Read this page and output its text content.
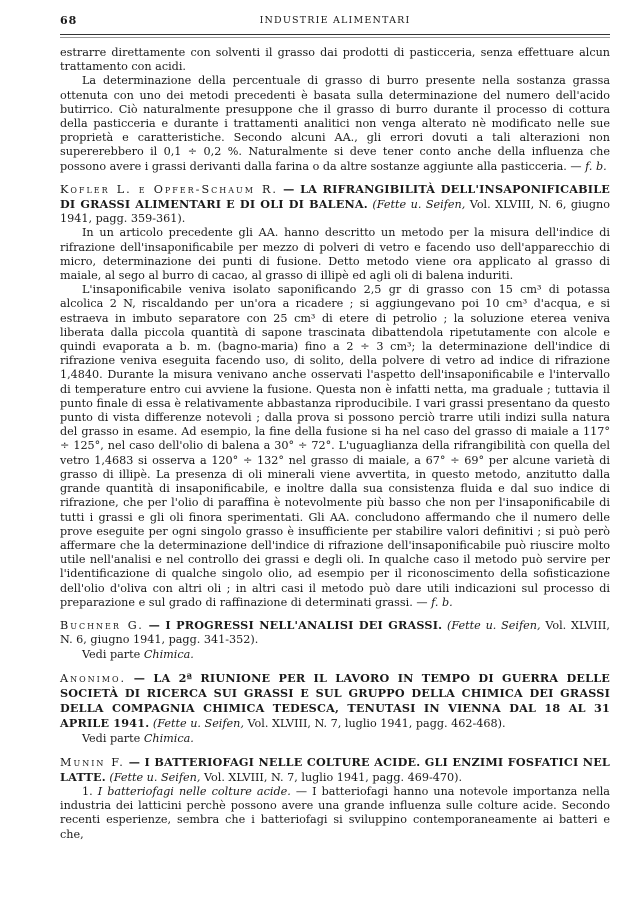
68	INDUSTRIE ALIMENTARI

estrarre direttamente con solventi il grasso dai prodotti di pasticceria, senza effettuare alcun trattamento con acidi.

La determinazione della percentuale di grasso di burro presente nella sostanza grassa ottenuta con uno dei metodi precedenti è basata sulla determinazione del numero dell'acido butirrico. Ciò naturalmente presuppone che il grasso di burro durante il processo di cottura della pasticceria e durante i trattamenti analitici non venga alterato nè modificato nelle sue proprietà e caratteristiche. Secondo alcuni AA., gli errori dovuti a tali alterazioni non supererebbero il 0,1 ÷ 0,2 %. Naturalmente si deve tener conto anche della influenza che possono avere i grassi derivanti dalla farina o da altre sostanze aggiunte alla pasticceria. — f. b.

Kofler L. e Opfer-Schaum R. — LA RIFRANGIBILITÀ DELL'INSAPONIFICABILE DI GRASSI ALIMENTARI E DI OLI DI BALENA. (Fette u. Seifen, Vol. XLVIII, N. 6, giugno 1941, pagg. 359-361).

In un articolo precedente gli AA. hanno descritto un metodo per la misura dell'indice di rifrazione dell'insaponificabile per mezzo di polveri di vetro e facendo uso dell'apparecchio di micro, determinazione dei punti di fusione. Detto metodo viene ora applicato al grasso di maiale, al sego al burro di cacao, al grasso di illipè ed agli oli di balena induriti.

L'insaponificabile veniva isolato saponificando 2,5 gr di grasso con 15 cm³ di potassa alcolica 2 N, riscaldando per un'ora a ricadere ; si aggiungevano poi 10 cm³ d'acqua, e si estraeva in imbuto separatore con 25 cm³ di etere di petrolio ; la soluzione eterea veniva liberata dalla piccola quantità di sapone trascinata dibattendola ripetutamente con alcole e quindi evaporata a b. m. (bagno-maria) fino a 2 ÷ 3 cm³; la determinazione dell'indice di rifrazione veniva eseguita facendo uso, di solito, della polvere di vetro ad indice di rifrazione 1,4840. Durante la misura venivano anche osservati l'aspetto dell'insaponificabile e l'intervallo di temperature entro cui avviene la fusione. Questa non è infatti netta, ma graduale ; tuttavia il punto finale di essa è relativamente abbastanza riproducibile. I vari grassi presentano da questo punto di vista differenze notevoli ; dalla prova si possono perciò trarre utili indizi sulla natura del grasso in esame. Ad esempio, la fine della fusione si ha nel caso del grasso di maiale a 117° ÷ 125°, nel caso dell'olio di balena a 30° ÷ 72°. L'uguaglianza della rifrangibilità con quella del vetro 1,4683 si osserva a 120° ÷ 132° nel grasso di maiale, a 67° ÷ 69° per alcune varietà di grasso di illipè. La presenza di oli minerali viene avvertita, in questo metodo, anzitutto dalla grande quantità di insaponificabile, e inoltre dalla sua consistenza fluida e dal suo indice di rifrazione, che per l'olio di paraffina è notevolmente più basso che non per l'insaponificabile di tutti i grassi e gli oli finora sperimentati. Gli AA. concludono affermando che il numero delle prove eseguite per ogni singolo grasso è insufficiente per stabilire valori definitivi ; si può però affermare che la determinazione dell'indice di rifrazione dell'insaponificabile può riuscire molto utile nell'analisi e nel controllo dei grassi e degli oli. In qualche caso il metodo può servire per l'identificazione di qualche singolo olio, ad esempio per il riconoscimento della sofisticazione dell'olio d'oliva con altri oli ; in altri casi il metodo può dare utili indicazioni sul processo di preparazione e sul grado di raffinazione di determinati grassi. — f. b.

Buchner G. — I PROGRESSI NELL'ANALISI DEI GRASSI. (Fette u. Seifen, Vol. XLVIII, N. 6, giugno 1941, pagg. 341-352).

Vedi parte Chimica.

Anonimo. — LA 2ª RIUNIONE PER IL LAVORO IN TEMPO DI GUERRA DELLE SOCIETÀ DI RICERCA SUI GRASSI E SUL GRUPPO DELLA CHIMICA DEI GRASSI DELLA COMPAGNIA CHIMICA TEDESCA, TENUTASI IN VIENNA DAL 18 AL 31 APRILE 1941. (Fette u. Seifen, Vol. XLVIII, N. 7, luglio 1941, pagg. 462-468).

Vedi parte Chimica.

Munin F. — I BATTERIOFAGI NELLE COLTURE ACIDE. GLI ENZIMI FOSFATICI NEL LATTE. (Fette u. Seifen, Vol. XLVIII, N. 7, luglio 1941, pagg. 469-470).

1. I batteriofagi nelle colture acide. — I batteriofagi hanno una notevole importanza nella industria dei latticini perchè possono avere una grande influenza sulle colture acide. Secondo recenti esperienze, sembra che i batteriofagi si sviluppino contemporaneamente ai batteri e che,
